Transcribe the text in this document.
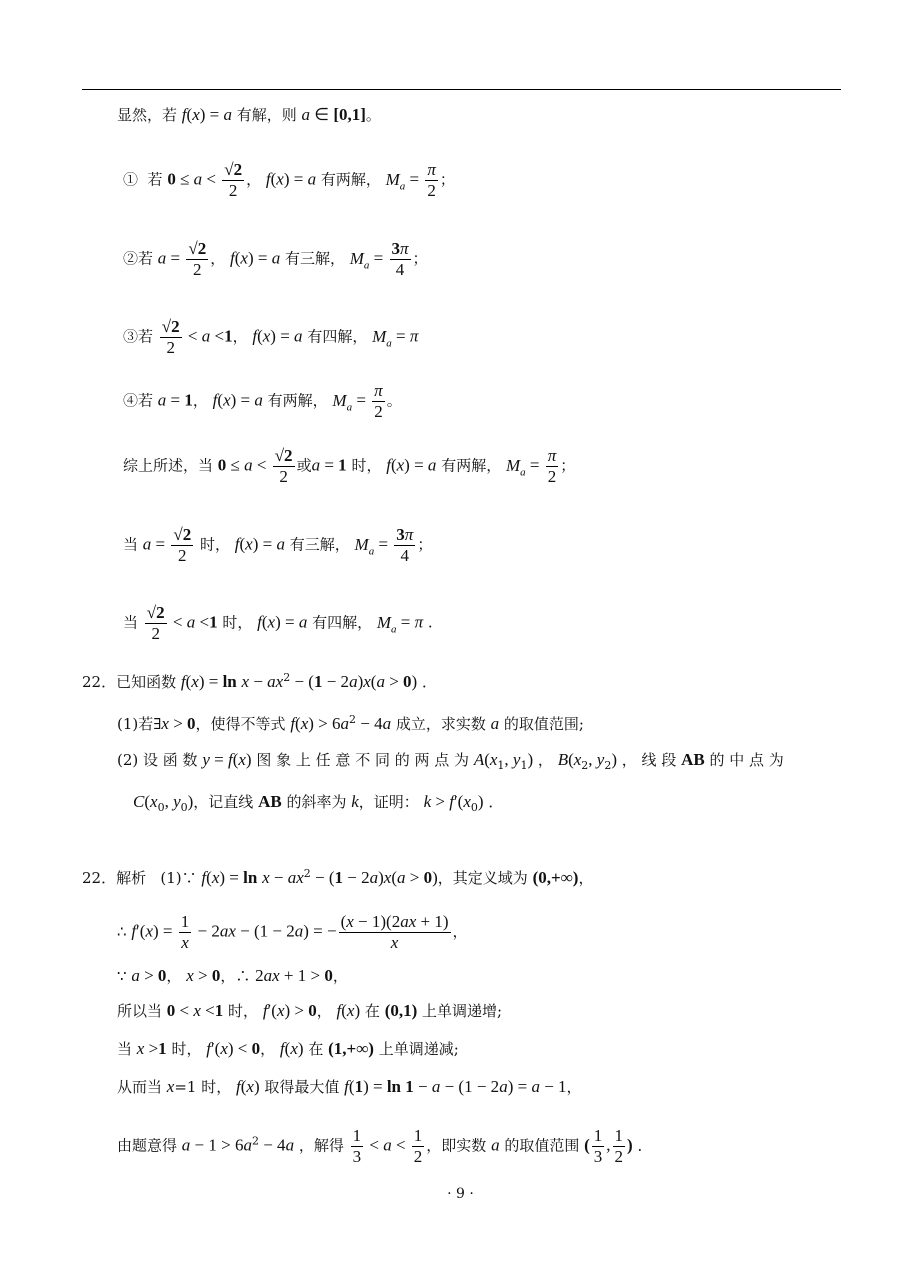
显然，若 f(x) = a 有解，则 a ∈ [0,1]。
①  若 $0 \le a < \frac{√2}{2}$ ， f(x) = a 有两解， $M_a = \frac{\pi}{2}$ ；
②若 $a = \frac{√2}{2}$ ， f(x) = a 有三解， $M_a = \frac{3\pi}{4}$ ；
③若 $\frac{√2}{2} < a <1$， f(x) = a 有四解， $M_a = \pi$
④若 a = 1， f(x) = a 有两解， $M_a = \frac{\pi}{2}$ 。
综上所述，当 $0 \le a < \frac{√2}{2}$ 或a = 1 时， f(x) = a 有两解， $M_a = \frac{\pi}{2}$ ；
当 $a = \frac{√2}{2}$ 时， f(x) = a 有三解， $M_a = \frac{3\pi}{4}$ ；
当 $\frac{√2}{2} < a <1$ 时， f(x) = a 有四解， $M_a = \pi$ .
22．已知函数 $f(x) = \ln x - ax^2 - (1 - 2a)x(a > 0)$ ．
(1)若∃x > 0，使得不等式 $f(x) > 6a^2 - 4a$ 成立，求实数 a 的取值范围;
(2) 设 函 数 y = f(x) 图 象 上 任 意 不 同 的 两 点 为 $A(x_1$, $y_1$) ， $B(x_2$, $y_2$) ， 线 段 AB 的 中 点 为
$C(x_0$, $y_0$)，记直线 AB 的斜率为 k，证明： $k > f'(x_0)$ ．
22．解析   (1)∵ $f(x) = \ln x - ax^2 - (1 - 2a)x(a > 0)$，其定义域为 (0,+∞)，
∴ $f'(x) = \frac{1}{x} - 2ax - (1 - 2a)$ = − $\frac{(x - 1)(2ax + 1)}{x}$ ，
∵ a > 0， x > 0，∴ 2ax + 1 > 0，
所以当 0 < x <1 时， f′(x) > 0， f(x) 在 (0,1) 上单调递增;
当 x >1 时， f′(x) < 0， f(x) 在 (1,+∞) 上单调递减;
从而当 x=1 时， f(x) 取得最大值 f(1) = ln 1 − a − (1 − 2a) = a − 1，
由题意得 $a - 1 > 6a^2 - 4a$ ，解得 $\frac{1}{3} < a < \frac{1}{2}$ ，即实数 a 的取值范围 ( $\frac{1}{3}$ , $\frac{1}{2}$ ) ．
· 9 ·
